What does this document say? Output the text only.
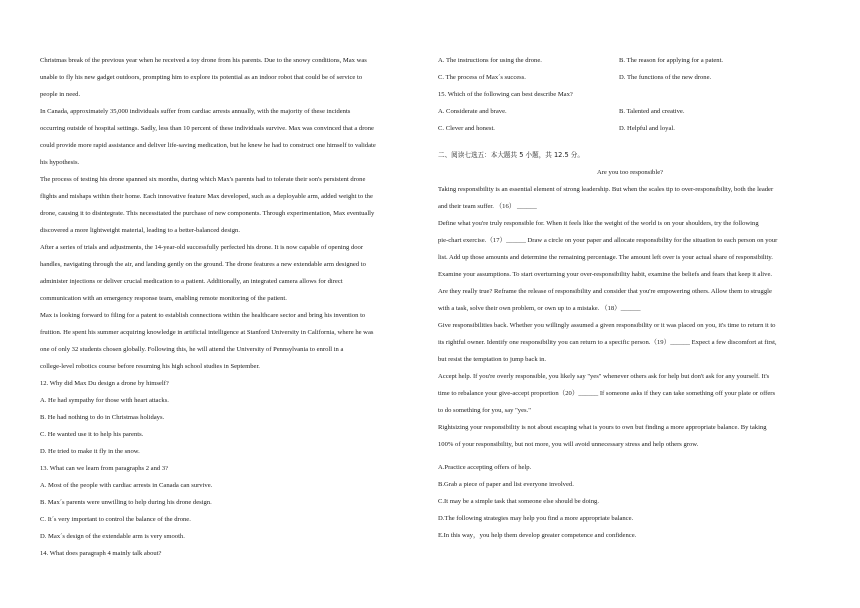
Christmas break of the previous year when he received a toy drone from his parents. Due to the snowy conditions, Max was
unable to fly his new gadget outdoors, prompting him to explore its potential as an indoor robot that could be of service to
people in need.
In Canada, approximately 35,000 individuals suffer from cardiac arrests annually, with the majority of these incidents
occurring outside of hospital settings. Sadly, less than 10 percent of these individuals survive. Max was convinced that a drone
could provide more rapid assistance and deliver life-saving medication, but he knew he had to construct one himself to validate
his hypothesis.
The process of testing his drone spanned six months, during which Max's parents had to tolerate their son's persistent drone
flights and mishaps within their home. Each innovative feature Max developed, such as a deployable arm, added weight to the
drone, causing it to disintegrate. This necessitated the purchase of new components. Through experimentation, Max eventually
discovered a more lightweight material, leading to a better-balanced design.
After a series of trials and adjustments, the 14-year-old successfully perfected his drone. It is now capable of opening door
handles, navigating through the air, and landing gently on the ground. The drone features a new extendable arm designed to
administer injections or deliver crucial medication to a patient. Additionally, an integrated camera allows for direct
communication with an emergency response team, enabling remote monitoring of the patient.
Max is looking forward to filing for a patent to establish connections within the healthcare sector and bring his invention to
fruition. He spent his summer acquiring knowledge in artificial intelligence at Stanford University in California, where he was
one of only 32 students chosen globally. Following this, he will attend the University of Pennsylvania to enroll in a
college-level robotics course before resuming his high school studies in September.
12. Why did Max Du design a drone by himself?
A. He had sympathy for those with heart attacks.
B. He had nothing to do in Christmas holidays.
C. He wanted use it to help his parents.
D. He tried to make it fly in the snow.
13. What can we learn from paragraphs 2 and 3?
A. Most of the people with cardiac arrests in Canada can survive.
B. Max´s parents were unwilling to help during his drone design.
C. It´s very important to control the balance of the drone.
D. Max´s design of the extendable arm is very smooth.
14. What does paragraph 4 mainly talk about?
A. The instructions for using the drone.	B. The reason for applying for a patent.
C. The process of Max´s success.	D. The functions of the new drone.
15. Which of the following can best describe Max?
A. Considerate and brave.	B. Talented and creative.
C. Clever and honest.	D. Helpful and loyal.
二、阅读七选五：本大题共 5 小题，共 12.5 分。
Are you too responsible?
Taking responsibility is an essential element of strong leadership. But when the scales tip to over-responsibility, both the leader
and their team suffer. （16） ______
Define what you're truly responsible for. When it feels like the weight of the world is on your shoulders, try the following
pie-chart exercise.（17）______ Draw a circle on your paper and allocate responsibility for the situation to each person on your
list. Add up those amounts and determine the remaining percentage. The amount left over is your actual share of responsibility.
Examine your assumptions. To start overturning your over-responsibility habit, examine the beliefs and fears that keep it alive.
Are they really true? Reframe the release of responsibility and consider that you're empowering others. Allow them to struggle
with a task, solve their own problem, or own up to a mistake. （18）______
Give responsibilities back. Whether you willingly assumed a given responsibility or it was placed on you, it's time to return it to
its rightful owner. Identify one responsibility you can return to a specific person.（19）______ Expect a few discomfort at first,
but resist the temptation to jump back in.
Accept help. If you're overly responsible, you likely say "yes" whenever others ask for help but don't ask for any yourself. It's
time to rebalance your give-accept proportion（20）______ If someone asks if they can take something off your plate or offers
to do something for you, say "yes."
Rightsizing your responsibility is not about escaping what is yours to own but finding a more appropriate balance. By taking
100% of your responsibility, but not more, you will avoid unnecessary stress and help others grow.
A.Practice accepting offers of help.
B.Grab a piece of paper and list everyone involved.
C.It may be a simple task that someone else should be doing.
D.The following strategies may help you find a more appropriate balance.
E.In this way，you help them develop greater competence and confidence.
